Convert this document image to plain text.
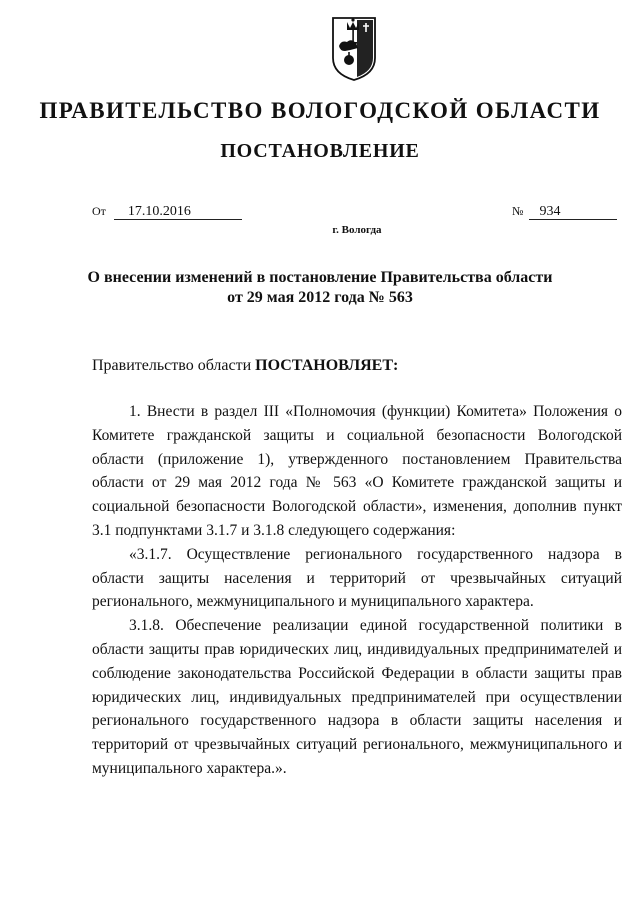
ПРАВИТЕЛЬСТВО ВОЛОГОДСКОЙ ОБЛАСТИ
ПОСТАНОВЛЕНИЕ
От 17.10.2016	№ 934
г. Вологда
О внесении изменений в постановление Правительства области
от 29 мая 2012 года № 563
Правительство области ПОСТАНОВЛЯЕТ:

1. Внести в раздел III «Полномочия (функции) Комитета» Положения о Комитете гражданской защиты и социальной безопасности Вологодской области (приложение 1), утвержденного постановлением Правительства области от 29 мая 2012 года № 563 «О Комитете гражданской защиты и социальной безопасности Вологодской области», изменения, дополнив пункт 3.1 подпунктами 3.1.7 и 3.1.8 следующего содержания:

«3.1.7. Осуществление регионального государственного надзора в области защиты населения и территорий от чрезвычайных ситуаций регионального, межмуниципального и муниципального характера.

3.1.8. Обеспечение реализации единой государственной политики в области защиты прав юридических лиц, индивидуальных предпринимателей и соблюдение законодательства Российской Федерации в области защиты прав юридических лиц, индивидуальных предпринимателей при осуществлении регионального государственного надзора в области защиты населения и территорий от чрезвычайных ситуаций регионального, межмуниципального и муниципального характера.».
